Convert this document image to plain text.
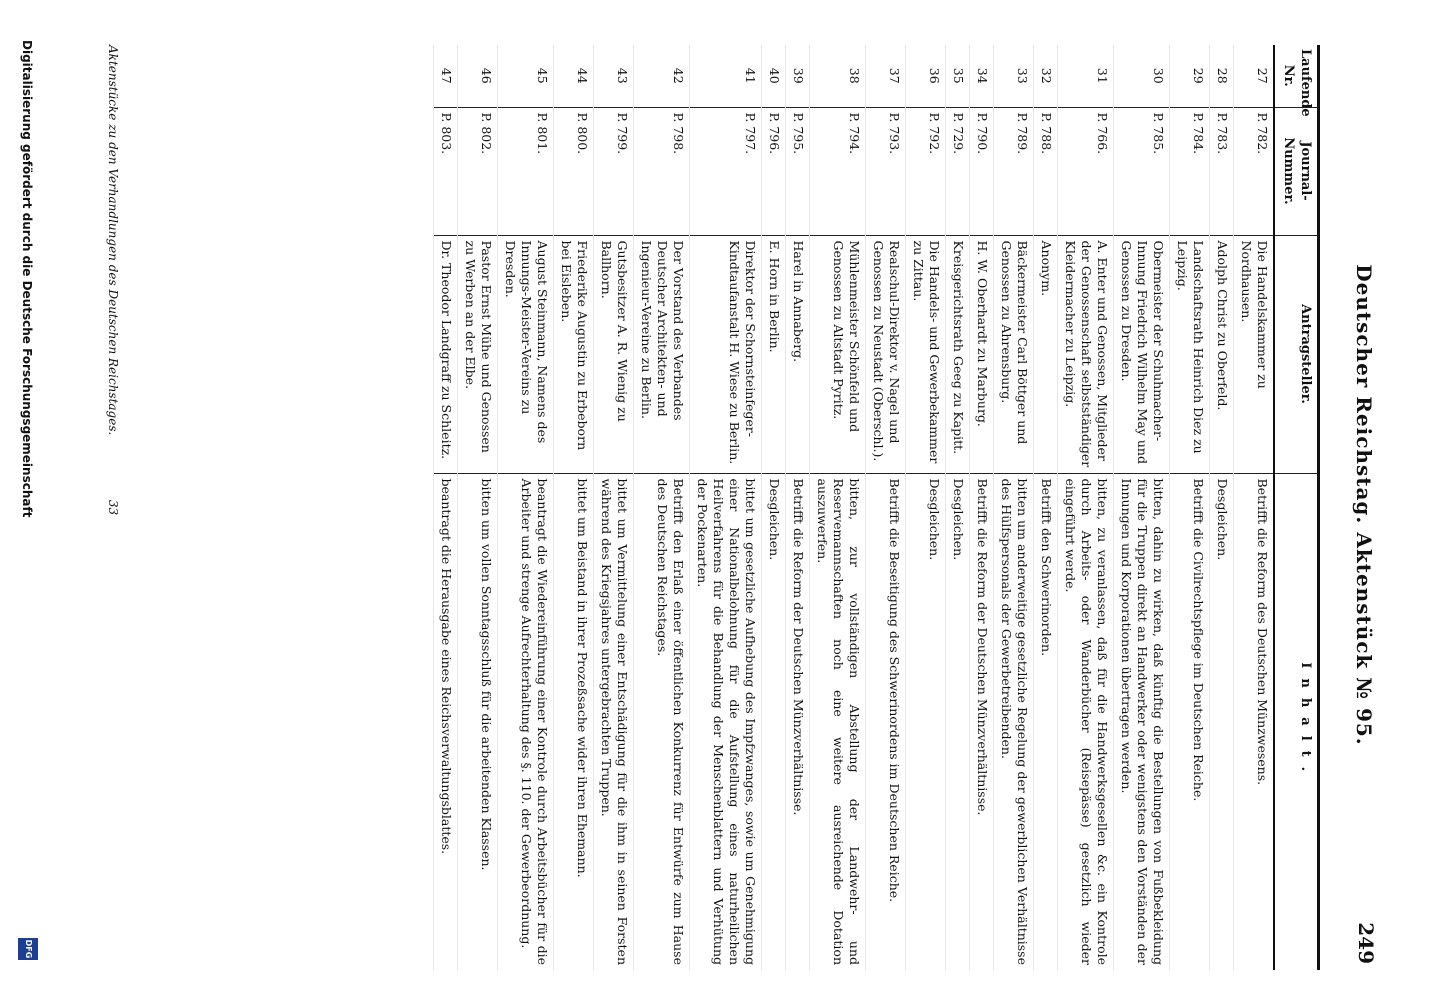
Deutscher Reichstag. Aktenstück № 95.
249
Laufende Nr.	Journal-Nummer.	Antragsteller.	Inhalt.
27	P. 782.	Die Handelskammer zu Nordhausen.	Betrifft die Reform des Deutschen Münzwesens.
28	P. 783.	Adolph Christ zu Oberfeld.	Desgleichen.
29	P. 784.	Landschaftsrath Heinrich Diez zu Leipzig.	Betrifft die Civilrechtspflege im Deutschen Reiche.
30	P. 785.	Obermeister der Schuhmacher-Innung Friedrich Wilhelm May und Genossen zu Dresden.	bitten, dahin zu wirken, daß künftig die Bestellungen von Fußbekleidung für die Truppen direkt an Handwerker oder wenigstens den Vorständen der Innungen und Korporationen übertragen werden.
31	P. 766.	A. Enter und Genossen, Mitglieder der Genossenschaft selbstständiger Kleidermacher zu Leipzig.	bitten, zu veranlassen, daß für die Handwerksgesellen &c. ein Kontrole durch Arbeits- oder Wanderbücher (Reisepässe) gesetzlich wieder eingeführt werde.
32	P. 788.	Anonym.	Betrifft den Schwerinorden.
33	P. 789.	Bäckermeister Carl Böttger und Genossen zu Ahrensburg.	bitten um anderweitige gesetzliche Regelung der gewerblichen Verhältnisse des Hülfspersonals der Gewerbetreibenden.
34	P. 790.	H. W. Oberhardt zu Marburg.	Betrifft die Reform der Deutschen Münzverhältnisse.
35	P. 729.	Kreisgerichtsrath Geeg zu Kapitt.	Desgleichen.
36	P. 792.	Die Handels- und Gewerbekammer zu Zittau.	Desgleichen.
37	P. 793.	Realschul-Direktor v. Nagel und Genossen zu Neustadt (Oberschl.).	Betrifft die Beseitigung des Schwerinordens im Deutschen Reiche.
38	P. 794.	Mühlenmeister Schönfeld und Genossen zu Altstadt Pyritz.	bitten, zur vollständigen Abstellung der Landwehr- und Reservemannschaften noch eine weitere ausreichende Dotation auszuwerfen.
39	P. 795.	Harel in Annaberg.	Betrifft die Reform der Deutschen Münzverhältnisse.
40	P. 796.	E. Horn in Berlin.	Desgleichen.
41	P. 797.	Direktor der Schornsteinfeger-Kindtaufanstalt H. Wiese zu Berlin.	bittet um gesetzliche Aufhebung des Impfzwanges, sowie um Genehmigung einer Nationalbelohnung für die Aufstellung eines naturheilichen Heilverfahrens für die Behandlung der Menschenblattern und Verhütung der Pockenarten.
42	P. 798.	Der Vorstand des Verbandes Deutscher Architekten- und Ingenieur-Vereine zu Berlin.	Betrifft den Erlaß einer öffentlichen Konkurrenz für Entwürfe zum Hause des Deutschen Reichstages.
43	P. 799.	Gutsbesitzer A. R. Wienig zu Ballhorn.	bittet um Vermittelung einer Entschädigung für die ihm in seinen Forsten während des Kriegsjahres untergebrachten Truppen.
44	P. 800.	Friederike Augustin zu Erbeborn bei Eisleben.	bittet um Beistand in ihrer Prozeßsache wider ihren Ehemann.
45	P. 801.	August Steinmann, Namens des Innungs-Meister-Vereins zu Dresden.	beantragt die Wiedereinführung einer Kontrole durch Arbeitsbücher für die Arbeiter und strenge Aufrechterhaltung des §. 110. der Gewerbeordnung.
46	P. 802.	Pastor Ernst Mühe und Genossen zu Werben an der Elbe.	bitten um vollen Sonntagsschluß für die arbeitenden Klassen.
47	P. 803.	Dr. Theodor Landgraff zu Schleitz.	beantragt die Herausgabe eines Reichsverwaltungsblattes.
Aktenstücke zu den Verhandlungen des Deutschen Reichstages.
33
Digitalisierung gefördert durch die Deutsche Forschungsgemeinschaft
DFG
